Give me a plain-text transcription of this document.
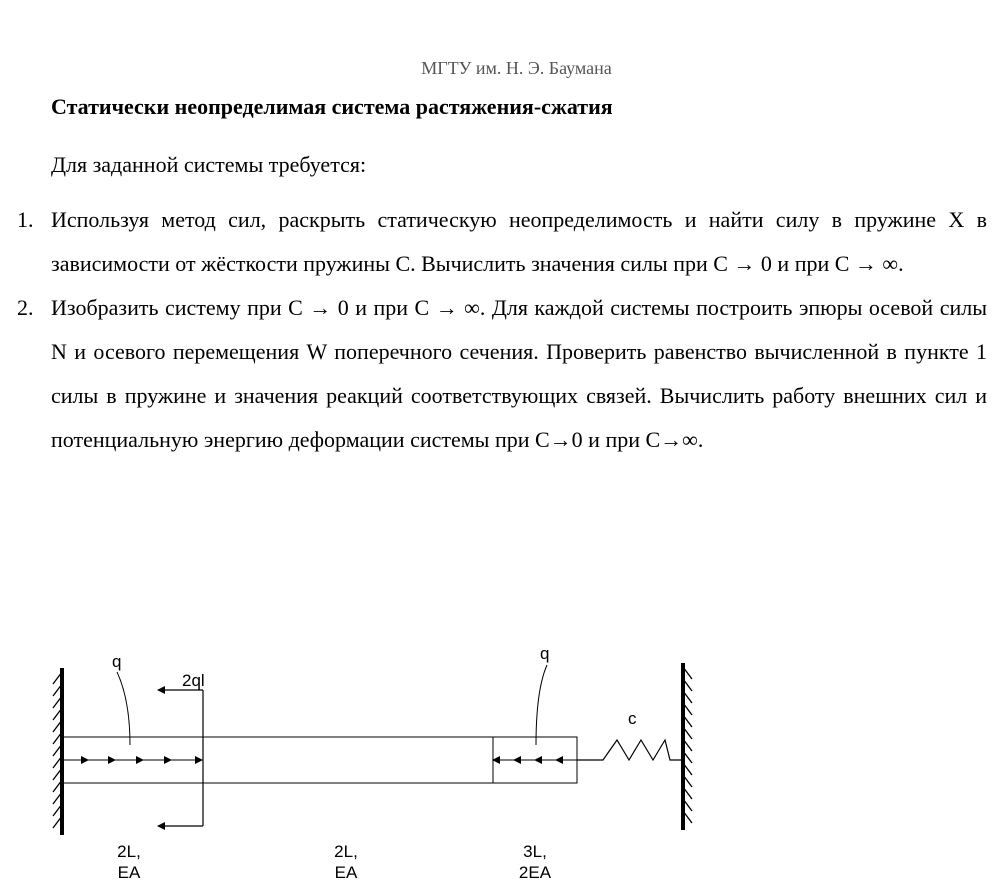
МГТУ им. Н. Э. Баумана
Статически неопределимая система растяжения-сжатия
Для заданной системы требуется:
1. Используя метод сил, раскрыть статическую неопределимость и найти силу в пружине X в зависимости от жёсткости пружины С. Вычислить значения силы при С → 0 и при С → ∞.
2. Изобразить систему при С → 0 и при С → ∞. Для каждой системы построить эпюры осевой силы N и осевого перемещения W поперечного сечения. Проверить равенство вычисленной в пункте 1 силы в пружине и значения реакций соответствующих связей. Вычислить работу внешних сил и потенциальную энергию деформации системы при С→0 и при С→∞.
q
2ql
q
c
2L,
EA
2L,
EA
3L,
2EA
